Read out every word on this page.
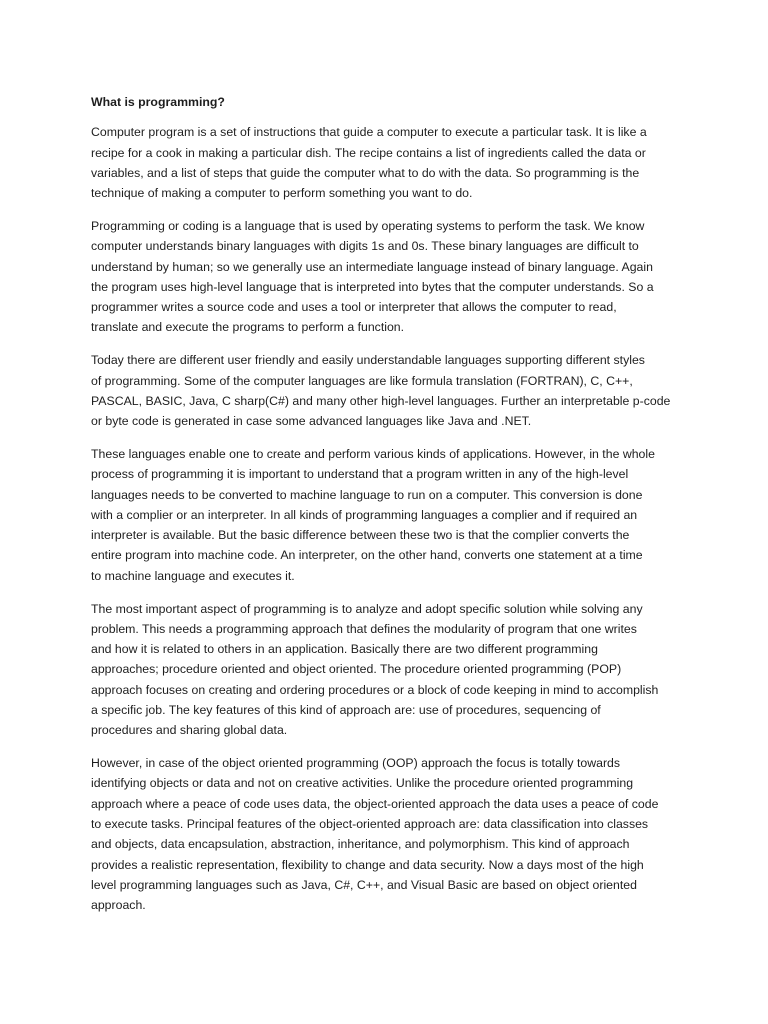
What is programming?
Computer program is a set of instructions that guide a computer to execute a particular task. It is like a
recipe for a cook in making a particular dish. The recipe contains a list of ingredients called the data or
variables, and a list of steps that guide the computer what to do with the data. So programming is the
technique of making a computer to perform something you want to do.
Programming or coding is a language that is used by operating systems to perform the task. We know
computer understands binary languages with digits 1s and 0s. These binary languages are difficult to
understand by human; so we generally use an intermediate language instead of binary language. Again
the program uses high-level language that is interpreted into bytes that the computer understands. So a
programmer writes a source code and uses a tool or interpreter that allows the computer to read,
translate and execute the programs to perform a function.
Today there are different user friendly and easily understandable languages supporting different styles
of programming. Some of the computer languages are like formula translation (FORTRAN), C, C++,
PASCAL, BASIC, Java, C sharp(C#) and many other high-level languages. Further an interpretable p-code
or byte code is generated in case some advanced languages like Java and .NET.
These languages enable one to create and perform various kinds of applications. However, in the whole
process of programming it is important to understand that a program written in any of the high-level
languages needs to be converted to machine language to run on a computer. This conversion is done
with a complier or an interpreter. In all kinds of programming languages a complier and if required an
interpreter is available. But the basic difference between these two is that the complier converts the
entire program into machine code. An interpreter, on the other hand, converts one statement at a time
to machine language and executes it.
The most important aspect of programming is to analyze and adopt specific solution while solving any
problem. This needs a programming approach that defines the modularity of program that one writes
and how it is related to others in an application. Basically there are two different programming
approaches; procedure oriented and object oriented. The procedure oriented programming (POP)
approach focuses on creating and ordering procedures or a block of code keeping in mind to accomplish
a specific job. The key features of this kind of approach are: use of procedures, sequencing of
procedures and sharing global data.
However, in case of the object oriented programming (OOP) approach the focus is totally towards
identifying objects or data and not on creative activities. Unlike the procedure oriented programming
approach where a peace of code uses data, the object-oriented approach the data uses a peace of code
to execute tasks. Principal features of the object-oriented approach are: data classification into classes
and objects, data encapsulation, abstraction, inheritance, and polymorphism. This kind of approach
provides a realistic representation, flexibility to change and data security. Now a days most of the high
level programming languages such as Java, C#, C++, and Visual Basic are based on object oriented
approach.
